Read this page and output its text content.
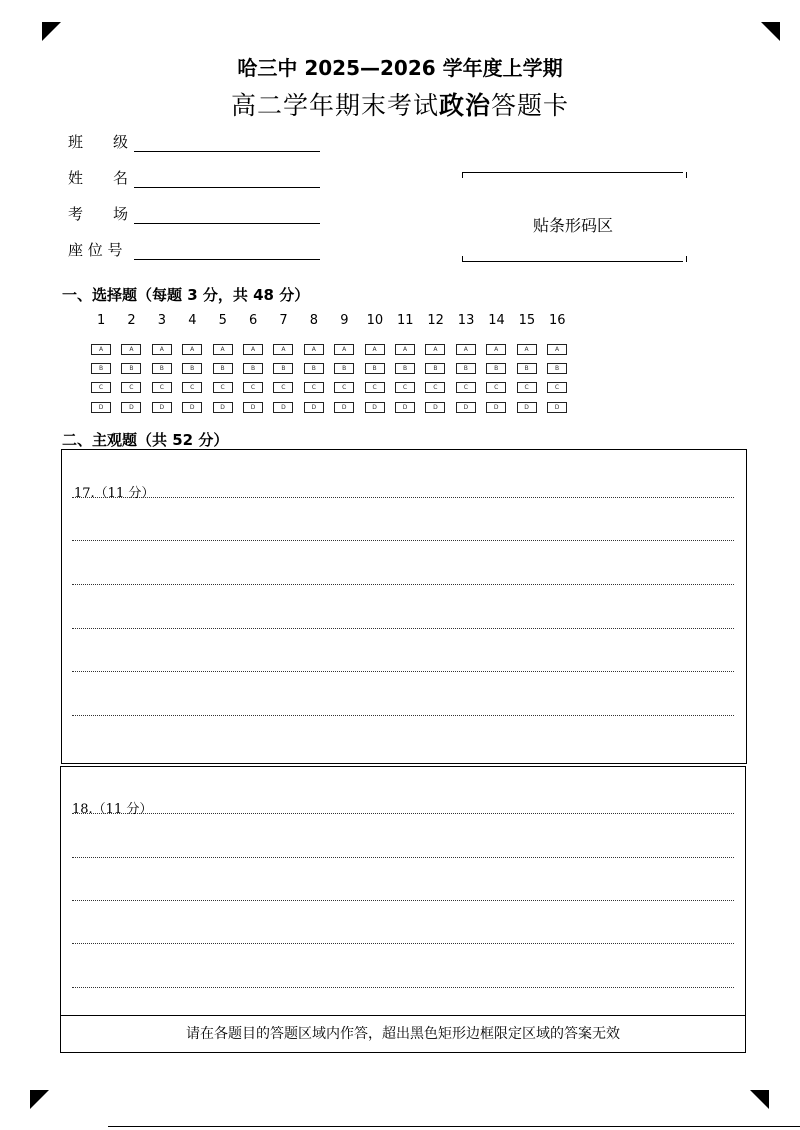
哈三中 2025—2026 学年度上学期
高二学年期末考试政治答题卡
班　　级
姓　　名
考　　场
座 位 号
贴条形码区
一、选择题（每题 3 分，共 48 分）
1
A
B
C
D
2
A
B
C
D
3
A
B
C
D
4
A
B
C
D
5
A
B
C
D
6
A
B
C
D
7
A
B
C
D
8
A
B
C
D
9
A
B
C
D
10
A
B
C
D
11
A
B
C
D
12
A
B
C
D
13
A
B
C
D
14
A
B
C
D
15
A
B
C
D
16
A
B
C
D
二、主观题（共 52 分）
17.（11 分）
18.（11 分）
请在各题目的答题区域内作答，超出黑色矩形边框限定区域的答案无效
